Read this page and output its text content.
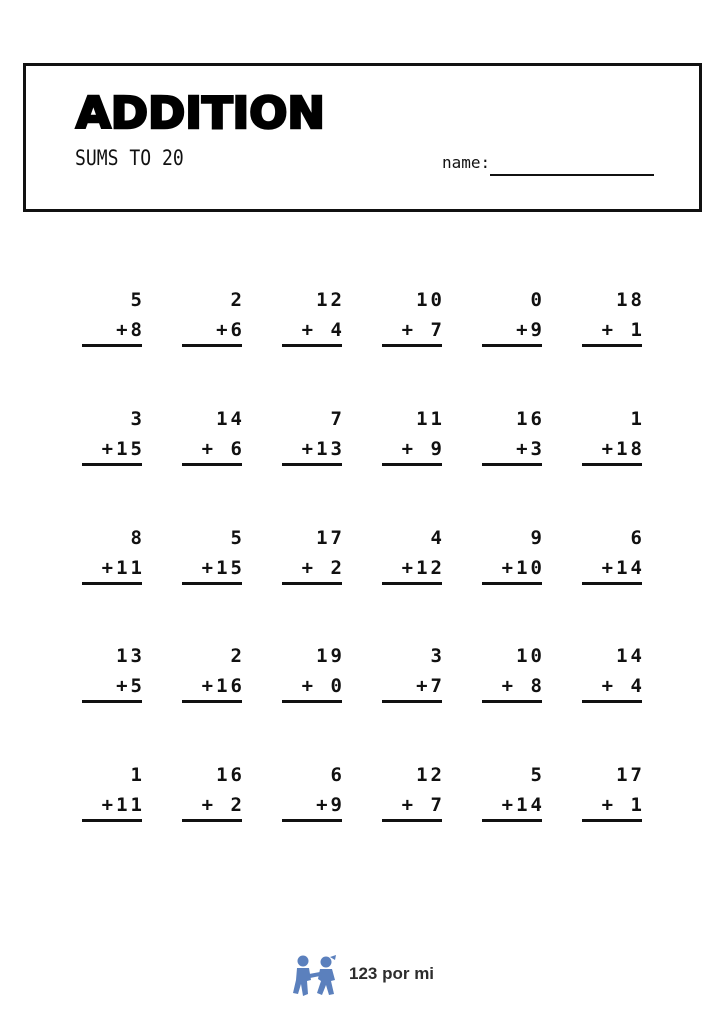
ADDITION
SUMS TO 20	name:
5
+8
2
+6
12
+ 4
10
+ 7
0
+9
18
+ 1
3
+15
14
+ 6
7
+13
11
+ 9
16
+3
1
+18
8
+11
5
+15
17
+ 2
4
+12
9
+10
6
+14
13
+5
2
+16
19
+ 0
3
+7
10
+ 8
14
+ 4
1
+11
16
+ 2
6
+9
12
+ 7
5
+14
17
+ 1
123 por mi
